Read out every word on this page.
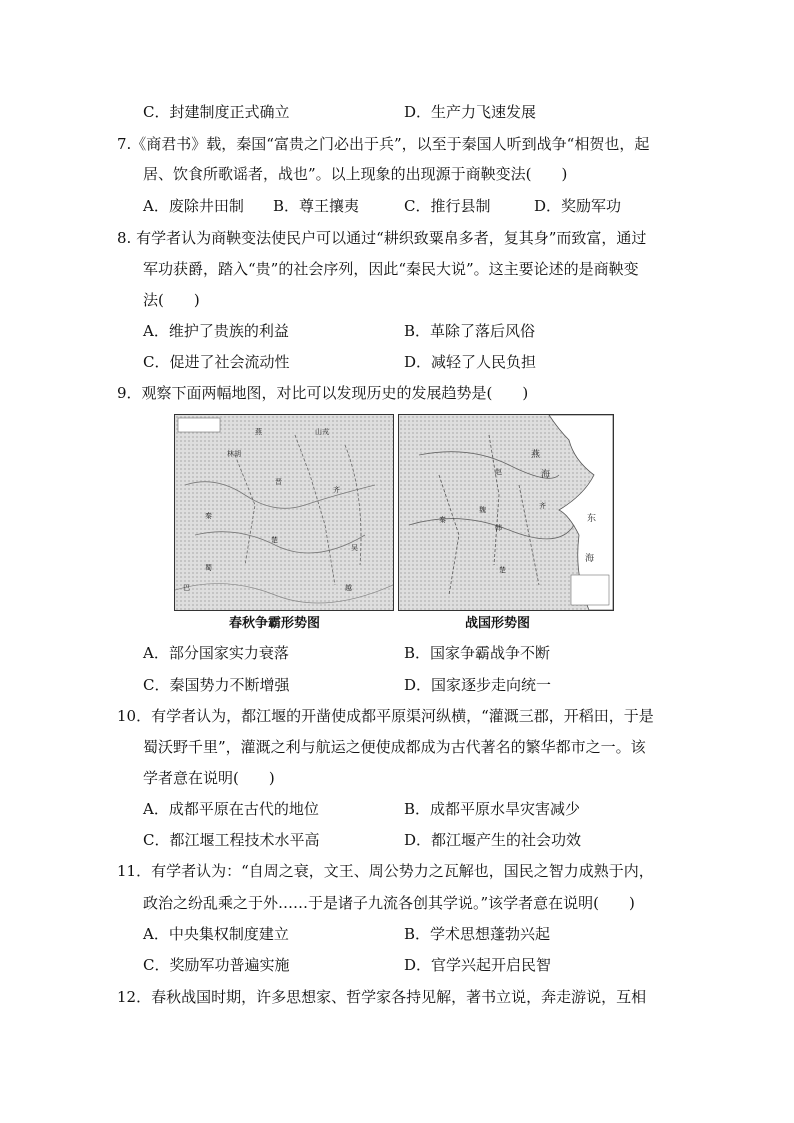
C．封建制度正式确立	D．生产力飞速发展
7.《商君书》载，秦国“富贵之门必出于兵”，以至于秦国人听到战争“相贺也，起
居、饮食所歌谣者，战也”。以上现象的出现源于商鞅变法(　　)
A．废除井田制 B．尊王攘夷	C．推行县制	D．奖励军功
8. 有学者认为商鞅变法使民户可以通过“耕织致粟帛多者，复其身”而致富，通过
军功获爵，踏入“贵”的社会序列，因此“秦民大说”。这主要论述的是商鞅变
法(　　)
A．维护了贵族的利益	B．革除了落后风俗
C．促进了社会流动性	D．减轻了人民负担
9．观察下面两幅地图，对比可以发现历史的发展趋势是(　　)
燕	山戎
林胡
晋
齐
秦
楚
吴
越
巴
蜀
燕
海
东
海
赵
魏
韩
齐
秦
楚
春秋争霸形势图	战国形势图
A．部分国家实力衰落	B．国家争霸战争不断
C．秦国势力不断增强	D．国家逐步走向统一
10．有学者认为，都江堰的开凿使成都平原渠河纵横，“灌溉三郡，开稻田，于是
蜀沃野千里”，灌溉之利与航运之便使成都成为古代著名的繁华都市之一。该
学者意在说明(　　)
A．成都平原在古代的地位	B．成都平原水旱灾害减少
C．都江堰工程技术水平高	D．都江堰产生的社会功效
11．有学者认为：“自周之衰，文王、周公势力之瓦解也，国民之智力成熟于内，
政治之纷乱乘之于外……于是诸子九流各创其学说。”该学者意在说明(　　)
A．中央集权制度建立	B．学术思想蓬勃兴起
C．奖励军功普遍实施	D．官学兴起开启民智
12．春秋战国时期，许多思想家、哲学家各持见解，著书立说，奔走游说，互相
